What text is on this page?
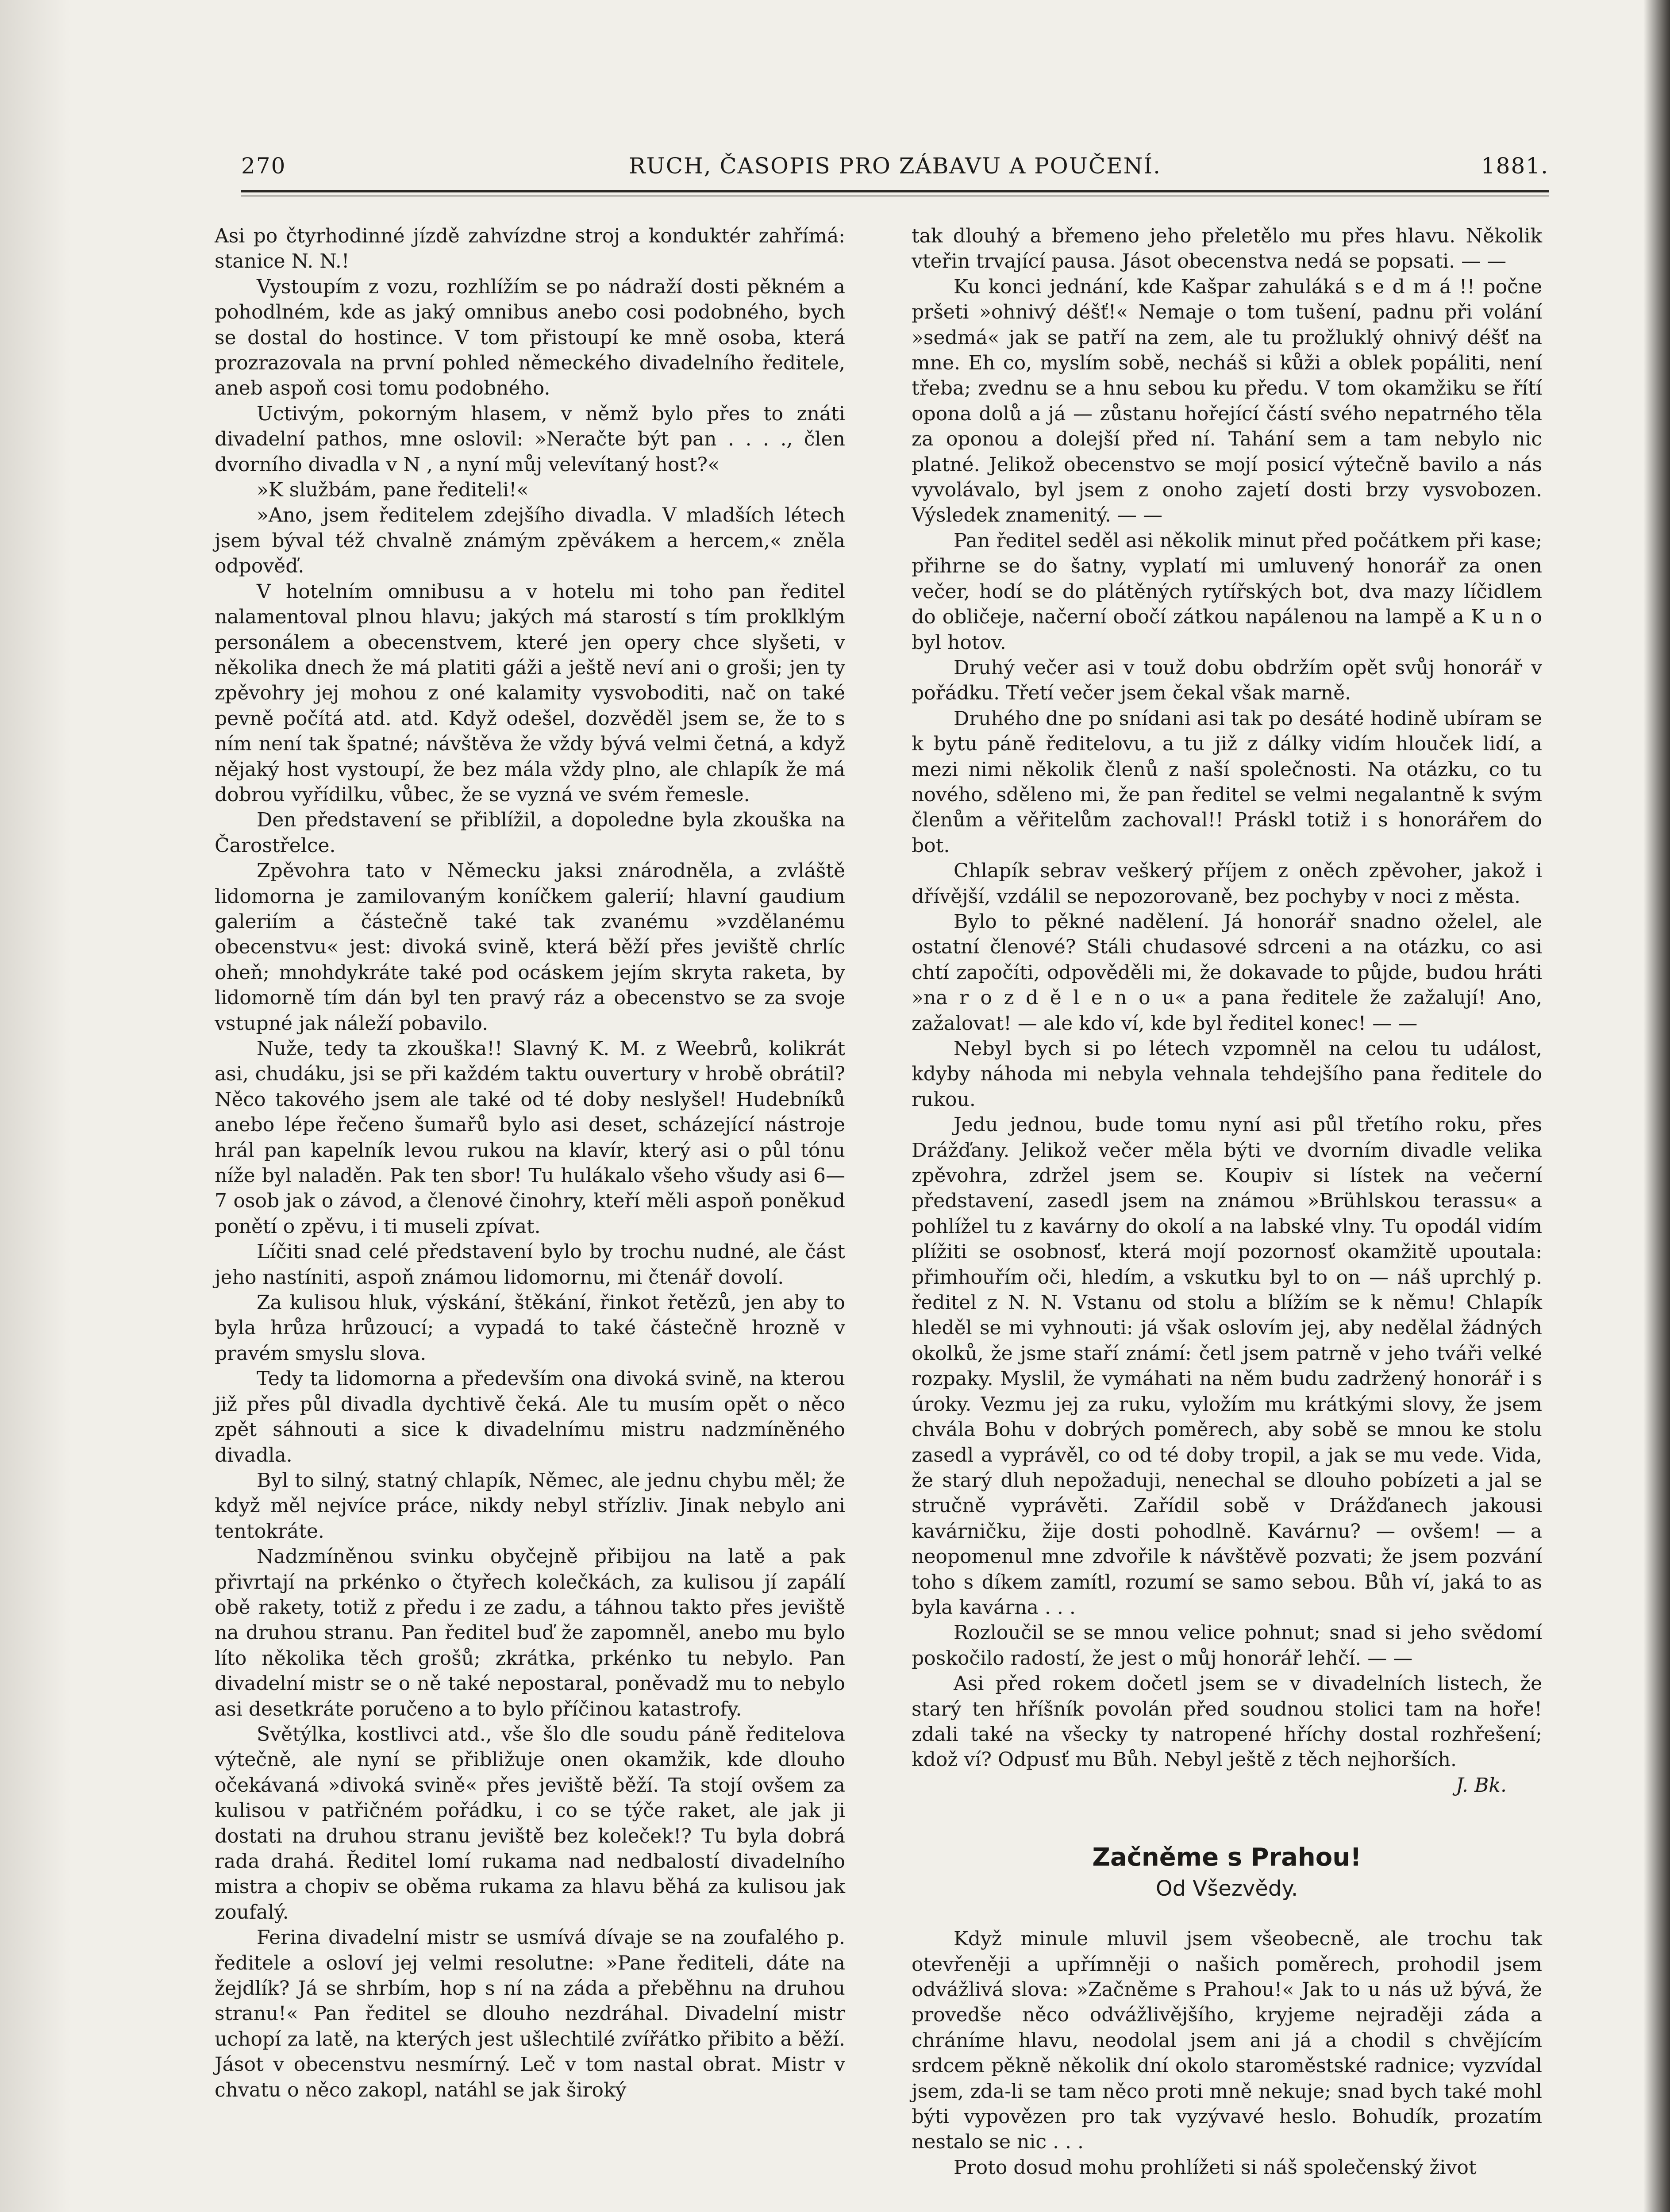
270	RUCH, ČASOPIS PRO ZÁBAVU A POUČENÍ.	1881.

Asi po čtyrhodinné jízdě zahvízdne stroj a konduktér zahřímá: stanice N. N.!

Vystoupím z vozu, rozhlížím se po nádraží dosti pěkném a pohodlném, kde as jaký omnibus anebo cosi podobného, bych se dostal do hostince. V tom přistoupí ke mně osoba, která prozrazovala na první pohled německého divadelního ředitele, aneb aspoň cosi tomu podobného.

Uctivým, pokorným hlasem, v němž bylo přes to znáti divadelní pathos, mne oslovil: »Neračte být pan . . . ., člen dvorního divadla v N , a nyní můj velevítaný host?«

»K službám, pane řediteli!«

»Ano, jsem ředitelem zdejšího divadla. V mladších létech jsem býval též chvalně známým zpěvákem a hercem,« zněla odpověď.

V hotelním omnibusu a v hotelu mi toho pan ředitel nalamentoval plnou hlavu; jakých má starostí s tím proklklým personálem a obecenstvem, které jen opery chce slyšeti, v několika dnech že má platiti gáži a ještě neví ani o groši; jen ty zpěvohry jej mohou z oné kalamity vysvoboditi, nač on také pevně počítá atd. atd. Když odešel, dozvěděl jsem se, že to s ním není tak špatné; návštěva že vždy bývá velmi četná, a když nějaký host vystoupí, že bez mála vždy plno, ale chlapík že má dobrou vyřídilku, vůbec, že se vyzná ve svém řemesle.

Den představení se přiblížil, a dopoledne byla zkouška na Čarostřelce.

Zpěvohra tato v Německu jaksi znárodněla, a zvláště lidomorna je zamilovaným koníčkem galerií; hlavní gaudium galeriím a částečně také tak zvanému »vzdělanému obecenstvu« jest: divoká svině, která běží přes jeviště chrlíc oheň; mnohdykráte také pod ocáskem jejím skryta raketa, by lidomorně tím dán byl ten pravý ráz a obecenstvo se za svoje vstupné jak náleží pobavilo.

Nuže, tedy ta zkouška!! Slavný K. M. z Weebrů, kolikrát asi, chudáku, jsi se při každém taktu ouvertury v hrobě obrátil? Něco takového jsem ale také od té doby neslyšel! Hudebníků anebo lépe řečeno šumařů bylo asi deset, scházející nástroje hrál pan kapelník levou rukou na klavír, který asi o půl tónu níže byl naladěn. Pak ten sbor! Tu hulákalo všeho všudy asi 6—7 osob jak o závod, a členové činohry, kteří měli aspoň poněkud ponětí o zpěvu, i ti museli zpívat.

Líčiti snad celé představení bylo by trochu nudné, ale část jeho nastíniti, aspoň známou lidomornu, mi čtenář dovolí.

Za kulisou hluk, výskání, štěkání, řinkot řetězů, jen aby to byla hrůza hrůzoucí; a vypadá to také částečně hrozně v pravém smyslu slova.

Tedy ta lidomorna a především ona divoká svině, na kterou již přes půl divadla dychtivě čeká. Ale tu musím opět o něco zpět sáhnouti a sice k divadelnímu mistru nadzmíněného divadla.

Byl to silný, statný chlapík, Němec, ale jednu chybu měl; že když měl nejvíce práce, nikdy nebyl střízliv. Jinak nebylo ani tentokráte.

Nadzmíněnou svinku obyčejně přibijou na latě a pak přivrtají na prkénko o čtyřech kolečkách, za kulisou jí zapálí obě rakety, totiž z předu i ze zadu, a táhnou takto přes jeviště na druhou stranu. Pan ředitel buď že zapomněl, anebo mu bylo líto několika těch grošů; zkrátka, prkénko tu nebylo. Pan divadelní mistr se o ně také nepostaral, poněvadž mu to nebylo asi desetkráte poručeno a to bylo příčinou katastrofy.

Světýlka, kostlivci atd., vše šlo dle soudu páně ředitelova výtečně, ale nyní se přibližuje onen okamžik, kde dlouho očekávaná »divoká svině« přes jeviště běží. Ta stojí ovšem za kulisou v patřičném pořádku, i co se týče raket, ale jak ji dostati na druhou stranu jeviště bez koleček!? Tu byla dobrá rada drahá. Ředitel lomí rukama nad nedbalostí divadelního mistra a chopiv se oběma rukama za hlavu běhá za kulisou jak zoufalý.

Ferina divadelní mistr se usmívá dívaje se na zoufalého p. ředitele a osloví jej velmi resolutne: »Pane řediteli, dáte na žejdlík? Já se shrbím, hop s ní na záda a přeběhnu na druhou stranu!« Pan ředitel se dlouho nezdráhal. Divadelní mistr uchopí za latě, na kterých jest ušlechtilé zvířátko přibito a běží. Jásot v obecenstvu nesmírný. Leč v tom nastal obrat. Mistr v chvatu o něco zakopl, natáhl se jak široký

tak dlouhý a břemeno jeho přeletělo mu přes hlavu. Několik vteřin trvající pausa. Jásot obecenstva nedá se popsati. — —

Ku konci jednání, kde Kašpar zahuláká s e d m á !! počne pršeti »ohnivý déšť!« Nemaje o tom tušení, padnu při volání »sedmá« jak se patří na zem, ale tu prožluklý ohnivý déšť na mne. Eh co, myslím sobě, necháš si kůži a oblek popáliti, není třeba; zvednu se a hnu sebou ku předu. V tom okamžiku se řítí opona dolů a já — zůstanu hořející částí svého nepatrného těla za oponou a dolejší před ní. Tahání sem a tam nebylo nic platné. Jelikož obecenstvo se mojí posicí výtečně bavilo a nás vyvolávalo, byl jsem z onoho zajetí dosti brzy vysvobozen. Výsledek znamenitý. — —

Pan ředitel seděl asi několik minut před počátkem při kase; přihrne se do šatny, vyplatí mi umluvený honorář za onen večer, hodí se do plátěných rytířských bot, dva mazy líčidlem do obličeje, načerní obočí zátkou napálenou na lampě a K u n o byl hotov.

Druhý večer asi v touž dobu obdržím opět svůj honorář v pořádku. Třetí večer jsem čekal však marně.

Druhého dne po snídani asi tak po desáté hodině ubíram se k bytu páně ředitelovu, a tu již z dálky vidím hlouček lidí, a mezi nimi několik členů z naší společnosti. Na otázku, co tu nového, sděleno mi, že pan ředitel se velmi negalantně k svým členům a věřitelům zachoval!! Práskl totiž i s honorářem do bot.

Chlapík sebrav veškerý příjem z oněch zpěvoher, jakož i dřívější, vzdálil se nepozorovaně, bez pochyby v noci z města.

Bylo to pěkné nadělení. Já honorář snadno oželel, ale ostatní členové? Stáli chudasové sdrceni a na otázku, co asi chtí započíti, odpověděli mi, že dokavade to půjde, budou hráti »na r o z d ě l e n o u« a pana ředitele že zažalují! Ano, zažalovat! — ale kdo ví, kde byl ředitel konec! — —

Nebyl bych si po létech vzpomněl na celou tu událost, kdyby náhoda mi nebyla vehnala tehdejšího pana ředitele do rukou.

Jedu jednou, bude tomu nyní asi půl třetího roku, přes Drážďany. Jelikož večer měla býti ve dvorním divadle velika zpěvohra, zdržel jsem se. Koupiv si lístek na večerní představení, zasedl jsem na známou »Brühlskou terassu« a pohlížel tu z kavárny do okolí a na labské vlny. Tu opodál vidím plížiti se osobnosť, která mojí pozornosť okamžitě upoutala: přimhouřím oči, hledím, a vskutku byl to on — náš uprchlý p. ředitel z N. N. Vstanu od stolu a blížím se k němu! Chlapík hleděl se mi vyhnouti: já však oslovím jej, aby nedělal žádných okolků, že jsme staří známí: četl jsem patrně v jeho tváři velké rozpaky. Myslil, že vymáhati na něm budu zadržený honorář i s úroky. Vezmu jej za ruku, vyložím mu krátkými slovy, že jsem chvála Bohu v dobrých poměrech, aby sobě se mnou ke stolu zasedl a vyprávěl, co od té doby tropil, a jak se mu vede. Vida, že starý dluh nepožaduji, nenechal se dlouho pobízeti a jal se stručně vyprávěti. Zařídil sobě v Drážďanech jakousi kavárničku, žije dosti pohodlně. Kavárnu? — ovšem! — a neopomenul mne zdvořile k návštěvě pozvati; že jsem pozvání toho s díkem zamítl, rozumí se samo sebou. Bůh ví, jaká to as byla kavárna . . .

Rozloučil se se mnou velice pohnut; snad si jeho svědomí poskočilo radostí, že jest o můj honorář lehčí. — —

Asi před rokem dočetl jsem se v divadelních listech, že starý ten hříšník povolán před soudnou stolici tam na hoře! zdali také na všecky ty natropené hříchy dostal rozhřešení; kdož ví? Odpusť mu Bůh. Nebyl ještě z těch nejhorších.

J. Bk.
Začněme s Prahou!
Od Všezvědy.

Když minule mluvil jsem všeobecně, ale trochu tak otevřeněji a upřímněji o našich poměrech, prohodil jsem odvážlivá slova: »Začněme s Prahou!« Jak to u nás už bývá, že provedše něco odvážlivějšího, kryjeme nejraději záda a chráníme hlavu, neodolal jsem ani já a chodil s chvějícím srdcem pěkně několik dní okolo staroměstské radnice; vyzvídal jsem, zda-li se tam něco proti mně nekuje; snad bych také mohl býti vypovězen pro tak vyzývavé heslo. Bohudík, prozatím nestalo se nic . . .

Proto dosud mohu prohlížeti si náš společenský život
